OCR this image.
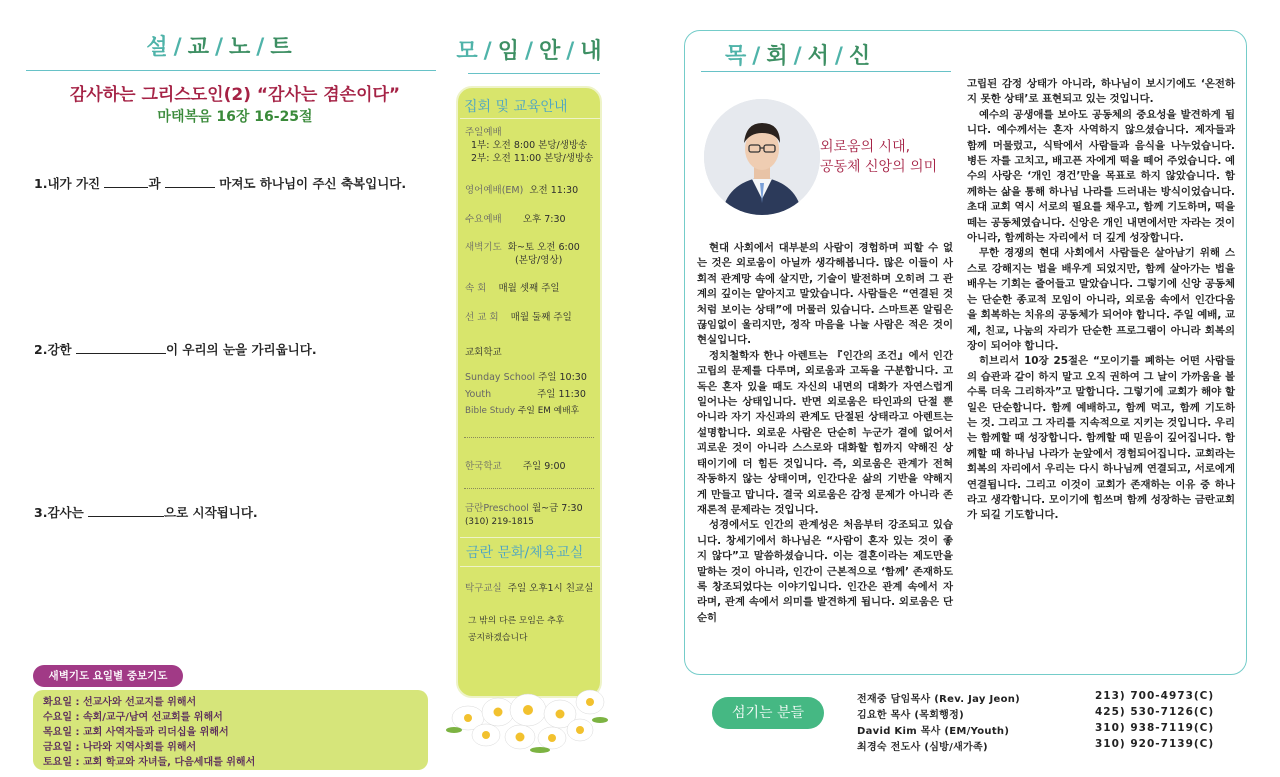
설 / 교 / 노 / 트
감사하는 그리스도인(2) “감사는 겸손이다”
마태복음 16장 16-25절
1.내가 가진	과	마져도 하나님이 주신 축복입니다.
2.강한	이 우리의 눈을 가리웁니다.
3.감사는	으로 시작됩니다.
새벽기도 요일별 중보기도
화요일 : 선교사와 선교지를 위해서
수요일 : 속회/교구/남여 선교회를 위해서
목요일 : 교회 사역자들과 리더십을 위해서
금요일 : 나라와 지역사회를 위해서
토요일 : 교회 학교와 자녀들, 다음세대를 위해서
모 / 임 / 안 / 내
집회 및 교육안내
주일예배
1부: 오전 8:00 본당/생방송
2부: 오전 11:00 본당/생방송
영어예배(EM) 오전 11:30
수요예배 오후 7:30
새벽기도 화~토 오전 6:00
(본당/영상)
속 회 매월 셋째 주일
선 교 회 매월 둘째 주일
교회학교
Sunday School 주일 10:30
Youth	주일 11:30
Bible Study 주일 EM 예배후
한국학교 주일 9:00
금란Preschool 월~금 7:30
(310) 219-1815
금란 문화/체육교실
탁구교실 주일 오후1시 친교실
그 밖의 다른 모임은 추후
공지하겠습니다
목 / 회 / 서 / 신
외로움의 시대,
공동체 신앙의 의미

현대 사회에서 대부분의 사람이 경험하며 피할 수 없는 것은 외로움이 아닐까 생각해봅니다. 많은 이들이 사회적 관계망 속에 살지만, 기술이 발전하며 오히려 그 관계의 깊이는 얕아지고 말았습니다. 사람들은 “연결된 것처럼 보이는 상태”에 머물러 있습니다. 스마트폰 알림은 끊임없이 울리지만, 정작 마음을 나눌 사람은 적은 것이 현실입니다.

정치철학자 한나 아렌트는 『인간의 조건』에서 인간 고립의 문제를 다루며, 외로움과 고독을 구분합니다. 고독은 혼자 있을 때도 자신의 내면의 대화가 자연스럽게 일어나는 상태입니다. 반면 외로움은 타인과의 단절 뿐 아니라 자기 자신과의 관계도 단절된 상태라고 아렌트는 설명합니다. 외로운 사람은 단순히 누군가 곁에 없어서 괴로운 것이 아니라 스스로와 대화할 힘까지 약해진 상태이기에 더 힘든 것입니다. 즉, 외로움은 관계가 전혀 작동하지 않는 상태이며, 인간다운 삶의 기반을 약해지게 만들고 맙니다. 결국 외로움은 감정 문제가 아니라 존재론적 문제라는 것입니다.

성경에서도 인간의 관계성은 처음부터 강조되고 있습니다. 창세기에서 하나님은 “사람이 혼자 있는 것이 좋지 않다”고 말씀하셨습니다. 이는 결혼이라는 제도만을 말하는 것이 아니라, 인간이 근본적으로 ‘함께’ 존재하도록 창조되었다는 이야기입니다. 인간은 관계 속에서 자라며, 관계 속에서 의미를 발견하게 됩니다. 외로움은 단순히

고립된 감정 상태가 아니라, 하나님이 보시기에도 ‘온전하지 못한 상태’로 표현되고 있는 것입니다.

예수의 공생애를 보아도 공동체의 중요성을 발견하게 됩니다. 예수께서는 혼자 사역하지 않으셨습니다. 제자들과 함께 머물렀고, 식탁에서 사람들과 음식을 나누었습니다. 병든 자를 고치고, 배고픈 자에게 떡을 떼어 주었습니다. 예수의 사랑은 ‘개인 경건’만을 목표로 하지 않았습니다. 함께하는 삶을 통해 하나님 나라를 드러내는 방식이었습니다. 초대 교회 역시 서로의 필요를 채우고, 함께 기도하며, 떡을 떼는 공동체였습니다. 신앙은 개인 내면에서만 자라는 것이 아니라, 함께하는 자리에서 더 깊게 성장합니다.

무한 경쟁의 현대 사회에서 사람들은 살아남기 위해 스스로 강해지는 법을 배우게 되었지만, 함께 살아가는 법을 배우는 기회는 줄어들고 말았습니다. 그렇기에 신앙 공동체는 단순한 종교적 모임이 아니라, 외로움 속에서 인간다움을 회복하는 치유의 공동체가 되어야 합니다. 주일 예배, 교제, 친교, 나눔의 자리가 단순한 프로그램이 아니라 회복의 장이 되어야 합니다.

히브리서 10장 25절은 “모이기를 폐하는 어떤 사람들의 습관과 같이 하지 말고 오직 권하여 그 날이 가까움을 볼수록 더욱 그리하자”고 말합니다. 그렇기에 교회가 해야 할 일은 단순합니다. 함께 예배하고, 함께 먹고, 함께 기도하는 것. 그리고 그 자리를 지속적으로 지키는 것입니다. 우리는 함께할 때 성장합니다. 함께할 때 믿음이 깊어집니다. 함께할 때 하나님 나라가 눈앞에서 경험되어집니다. 교회라는 회복의 자리에서 우리는 다시 하나님께 연결되고, 서로에게 연결됩니다. 그리고 이것이 교회가 존재하는 이유 중 하나라고 생각합니다. 모이기에 힘쓰며 함께 성장하는 금란교회가 되길 기도합니다.

섬기는 분들
전재중 담임목사 (Rev. Jay Jeon)	213) 700-4973(C)
김요한 목사 (목회행정)	425) 530-7126(C)
David Kim 목사 (EM/Youth)	310) 938-7119(C)
최경숙 전도사 (심방/새가족)	310) 920-7139(C)
